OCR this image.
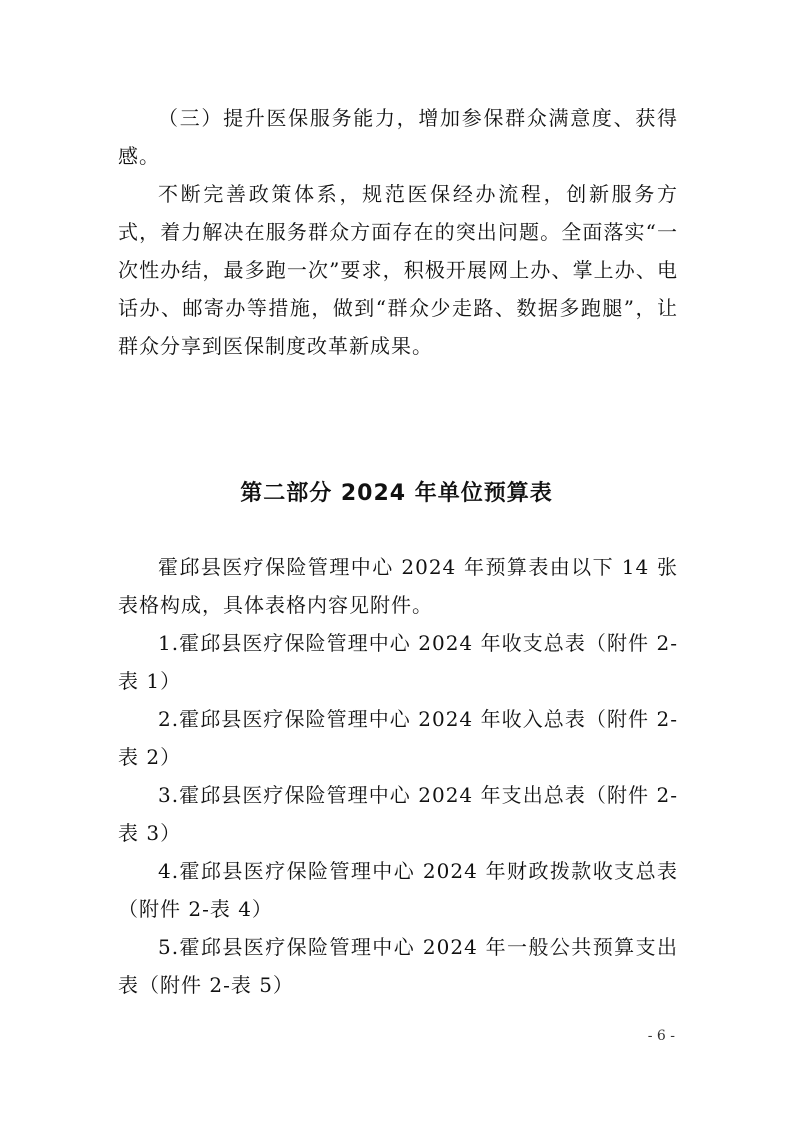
（三）提升医保服务能力，增加参保群众满意度、获得感。

不断完善政策体系，规范医保经办流程，创新服务方式，着力解决在服务群众方面存在的突出问题。全面落实“一次性办结，最多跑一次”要求，积极开展网上办、掌上办、电话办、邮寄办等措施，做到“群众少走路、数据多跑腿”，让群众分享到医保制度改革新成果。

第二部分 2024 年单位预算表

霍邱县医疗保险管理中心 2024 年预算表由以下 14 张表格构成，具体表格内容见附件。

1.霍邱县医疗保险管理中心 2024 年收支总表（附件 2-表 1）

2.霍邱县医疗保险管理中心 2024 年收入总表（附件 2-表 2）

3.霍邱县医疗保险管理中心 2024 年支出总表（附件 2-表 3）

4.霍邱县医疗保险管理中心 2024 年财政拨款收支总表（附件 2-表 4）

5.霍邱县医疗保险管理中心 2024 年一般公共预算支出表（附件 2-表 5）

- 6 -
